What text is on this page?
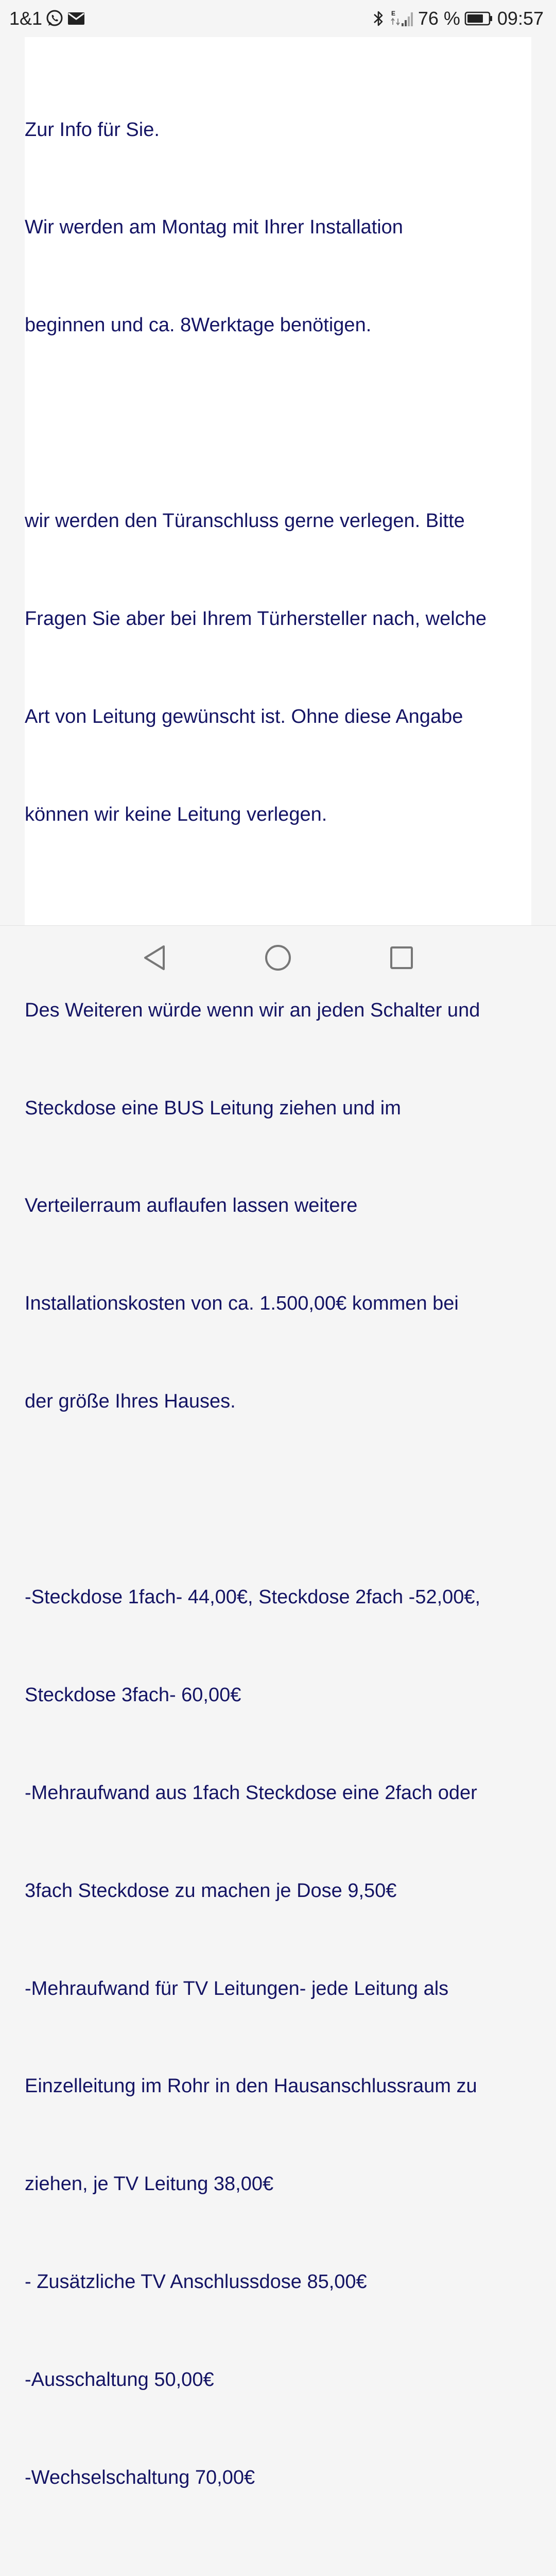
1&1	E 76 % 09:57

Zur Info für Sie.

Wir werden am Montag mit Ihrer Installation

beginnen und ca. 8Werktage benötigen.

wir werden den Türanschluss gerne verlegen. Bitte

Fragen Sie aber bei Ihrem Türhersteller nach, welche

Art von Leitung gewünscht ist. Ohne diese Angabe

können wir keine Leitung verlegen.

Des Weiteren würde wenn wir an jeden Schalter und

Steckdose eine BUS Leitung ziehen und im

Verteilerraum auflaufen lassen weitere

Installationskosten von ca. 1.500,00€ kommen bei

der größe Ihres Hauses.

-Steckdose 1fach- 44,00€, Steckdose 2fach -52,00€,

Steckdose 3fach- 60,00€

-Mehraufwand aus 1fach Steckdose eine 2fach oder

3fach Steckdose zu machen je Dose 9,50€

-Mehraufwand für TV Leitungen- jede Leitung als

Einzelleitung im Rohr in den Hausanschlussraum zu

ziehen, je TV Leitung 38,00€

- Zusätzliche TV Anschlussdose 85,00€

-Ausschaltung 50,00€

-Wechselschaltung 70,00€
